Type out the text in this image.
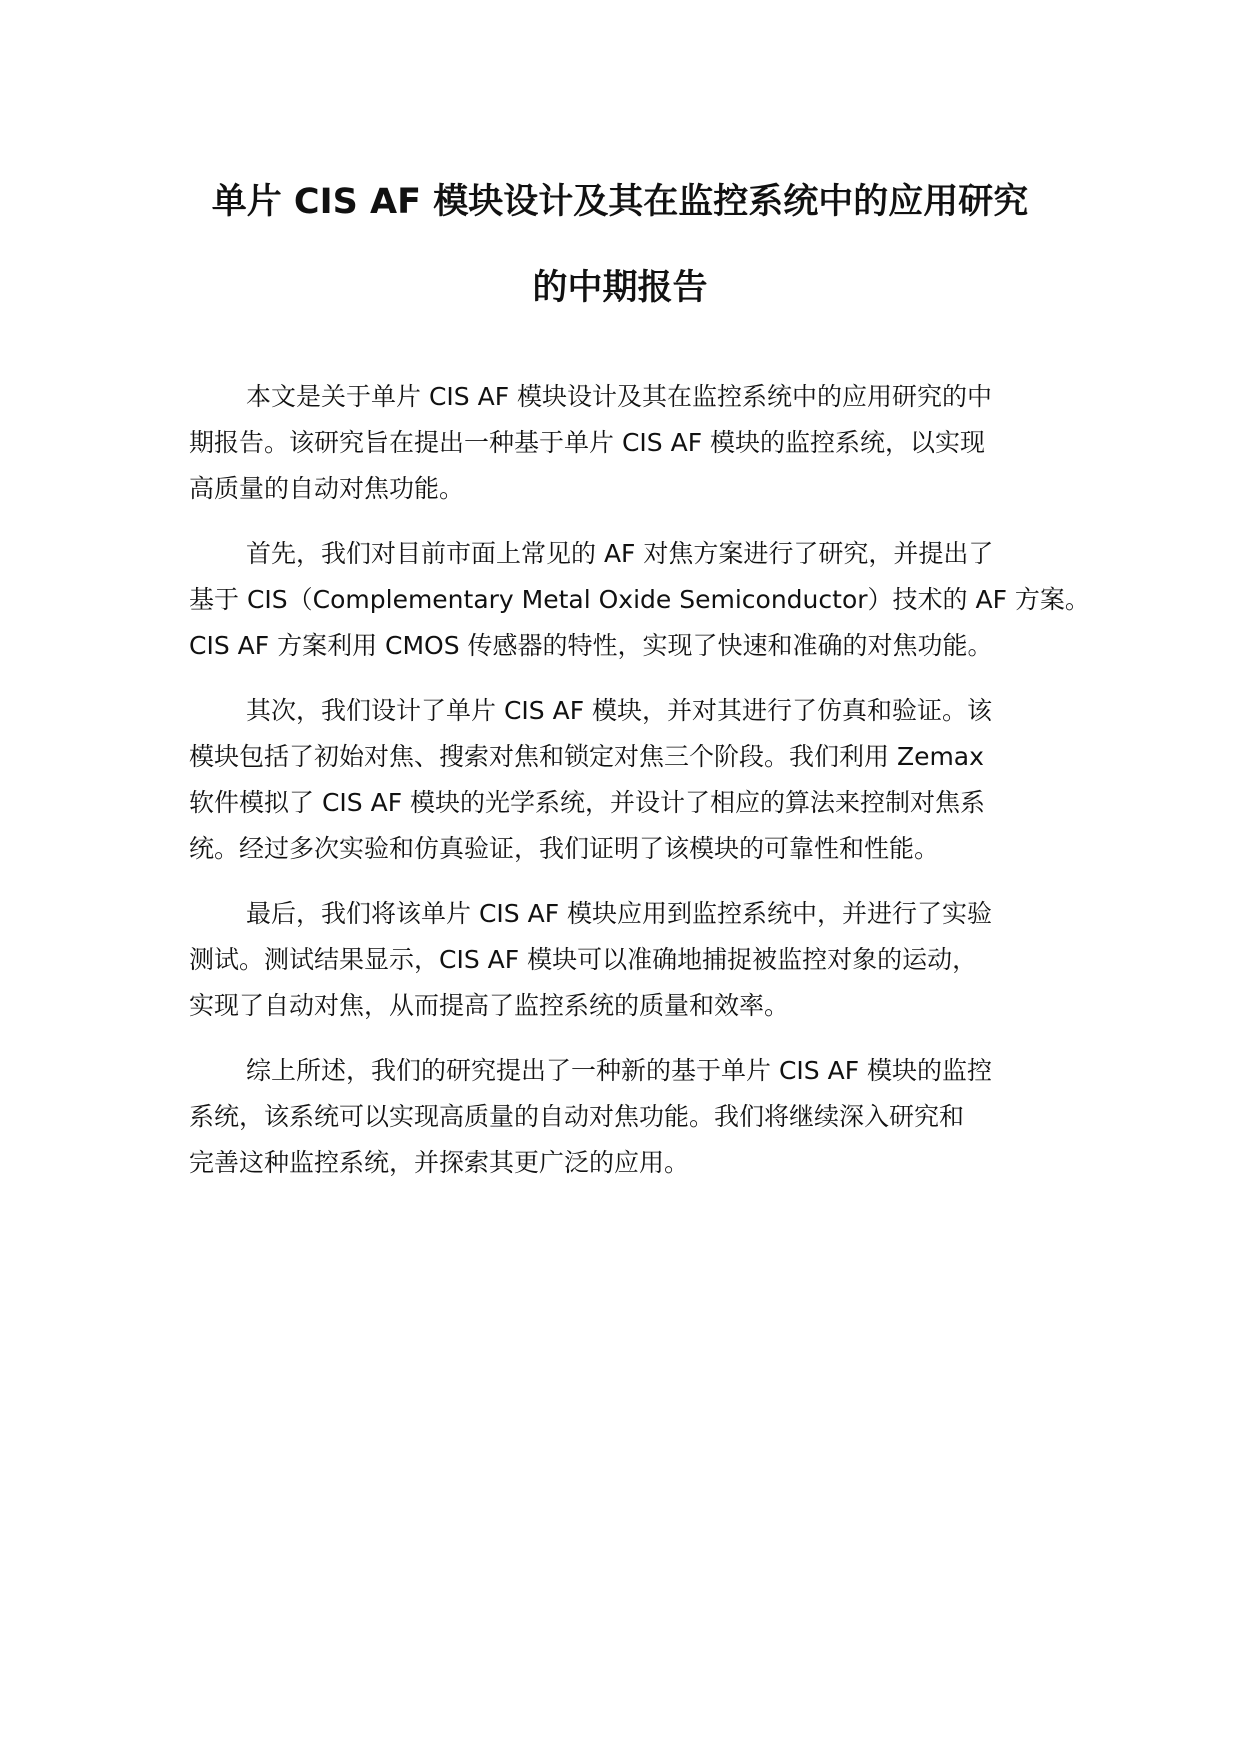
单片 CIS AF 模块设计及其在监控系统中的应用研究
的中期报告
本文是关于单片 CIS AF 模块设计及其在监控系统中的应用研究的中
期报告。该研究旨在提出一种基于单片 CIS AF 模块的监控系统，以实现
高质量的自动对焦功能。
首先，我们对目前市面上常见的 AF 对焦方案进行了研究，并提出了
基于 CIS（Complementary Metal Oxide Semiconductor）技术的 AF 方案。
CIS AF 方案利用 CMOS 传感器的特性，实现了快速和准确的对焦功能。
其次，我们设计了单片 CIS AF 模块，并对其进行了仿真和验证。该
模块包括了初始对焦、搜索对焦和锁定对焦三个阶段。我们利用 Zemax
软件模拟了 CIS AF 模块的光学系统，并设计了相应的算法来控制对焦系
统。经过多次实验和仿真验证，我们证明了该模块的可靠性和性能。
最后，我们将该单片 CIS AF 模块应用到监控系统中，并进行了实验
测试。测试结果显示，CIS AF 模块可以准确地捕捉被监控对象的运动，
实现了自动对焦，从而提高了监控系统的质量和效率。
综上所述，我们的研究提出了一种新的基于单片 CIS AF 模块的监控
系统，该系统可以实现高质量的自动对焦功能。我们将继续深入研究和
完善这种监控系统，并探索其更广泛的应用。
